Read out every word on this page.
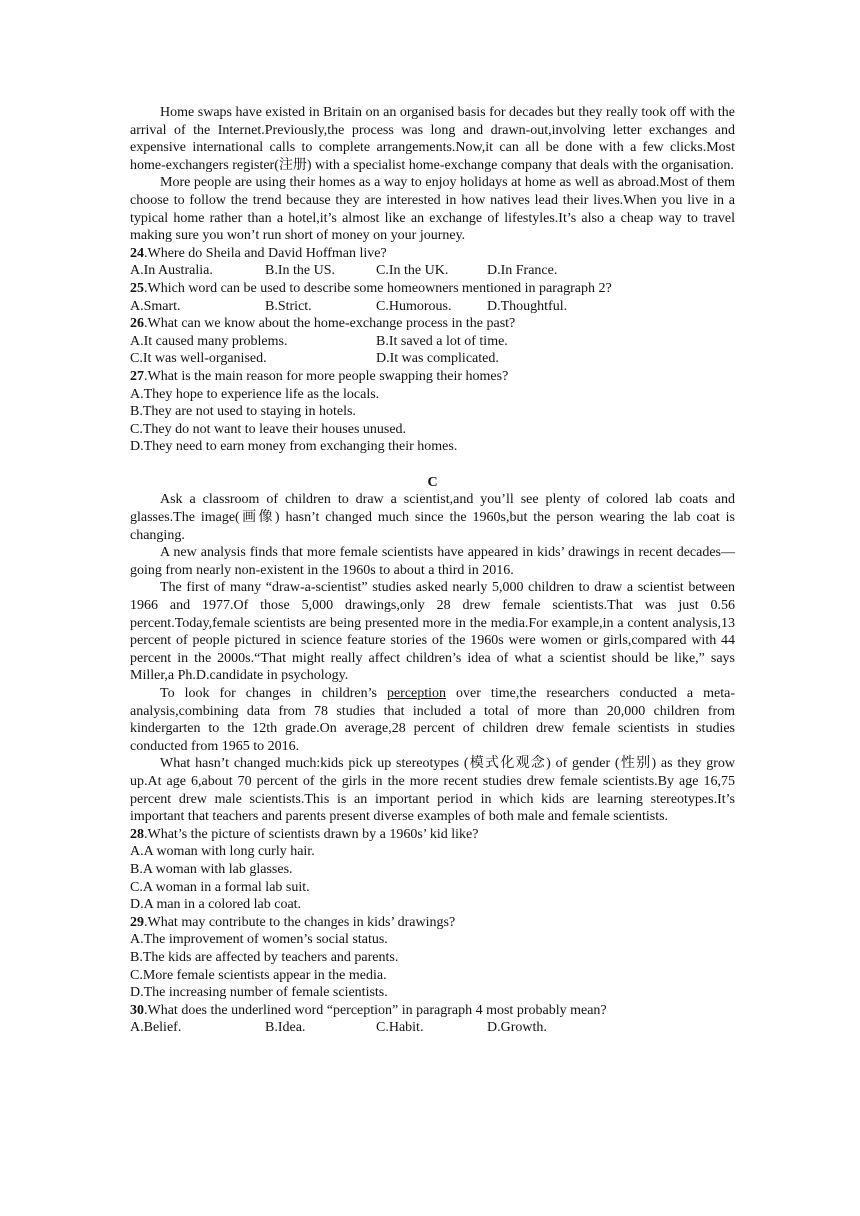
Home swaps have existed in Britain on an organised basis for decades but they really took off with the arrival of the Internet.Previously,the process was long and drawn-out,involving letter exchanges and expensive international calls to complete arrangements.Now,it can all be done with a few clicks.Most home-exchangers register(注册) with a specialist home-exchange company that deals with the organisation.

More people are using their homes as a way to enjoy holidays at home as well as abroad.Most of them choose to follow the trend because they are interested in how natives lead their lives.When you live in a typical home rather than a hotel,it’s almost like an exchange of lifestyles.It’s also a cheap way to travel making sure you won’t run short of money on your journey.

24.Where do Sheila and David Hoffman live?

A.In Australia.	B.In the US.	C.In the UK.	D.In France.

25.Which word can be used to describe some homeowners mentioned in paragraph 2?

A.Smart.	B.Strict.	C.Humorous.	D.Thoughtful.

26.What can we know about the home-exchange process in the past?

A.It caused many problems.	B.It saved a lot of time.
C.It was well-organised.	D.It was complicated.

27.What is the main reason for more people swapping their homes?

A.They hope to experience life as the locals.

B.They are not used to staying in hotels.

C.They do not want to leave their houses unused.

D.They need to earn money from exchanging their homes.

C

Ask a classroom of children to draw a scientist,and you’ll see plenty of colored lab coats and glasses.The image(画像) hasn’t changed much since the 1960s,but the person wearing the lab coat is changing.

A new analysis finds that more female scientists have appeared in kids’ drawings in recent decades—going from nearly non-existent in the 1960s to about a third in 2016.

The first of many “draw-a-scientist” studies asked nearly 5,000 children to draw a scientist between 1966 and 1977.Of those 5,000 drawings,only 28 drew female scientists.That was just 0.56 percent.Today,female scientists are being presented more in the media.For example,in a content analysis,13 percent of people pictured in science feature stories of the 1960s were women or girls,compared with 44 percent in the 2000s.“That might really affect children’s idea of what a scientist should be like,” says Miller,a Ph.D.candidate in psychology.

To look for changes in children’s perception over time,the researchers conducted a meta-analysis,combining data from 78 studies that included a total of more than 20,000 children from kindergarten to the 12th grade.On average,28 percent of children drew female scientists in studies conducted from 1965 to 2016.

What hasn’t changed much:kids pick up stereotypes (模式化观念) of gender (性别) as they grow up.At age 6,about 70 percent of the girls in the more recent studies drew female scientists.By age 16,75 percent drew male scientists.This is an important period in which kids are learning stereotypes.It’s important that teachers and parents present diverse examples of both male and female scientists.

28.What’s the picture of scientists drawn by a 1960s’ kid like?

A.A woman with long curly hair.

B.A woman with lab glasses.

C.A woman in a formal lab suit.

D.A man in a colored lab coat.

29.What may contribute to the changes in kids’ drawings?

A.The improvement of women’s social status.

B.The kids are affected by teachers and parents.

C.More female scientists appear in the media.

D.The increasing number of female scientists.

30.What does the underlined word “perception” in paragraph 4 most probably mean?

A.Belief.	B.Idea.	C.Habit.	D.Growth.
